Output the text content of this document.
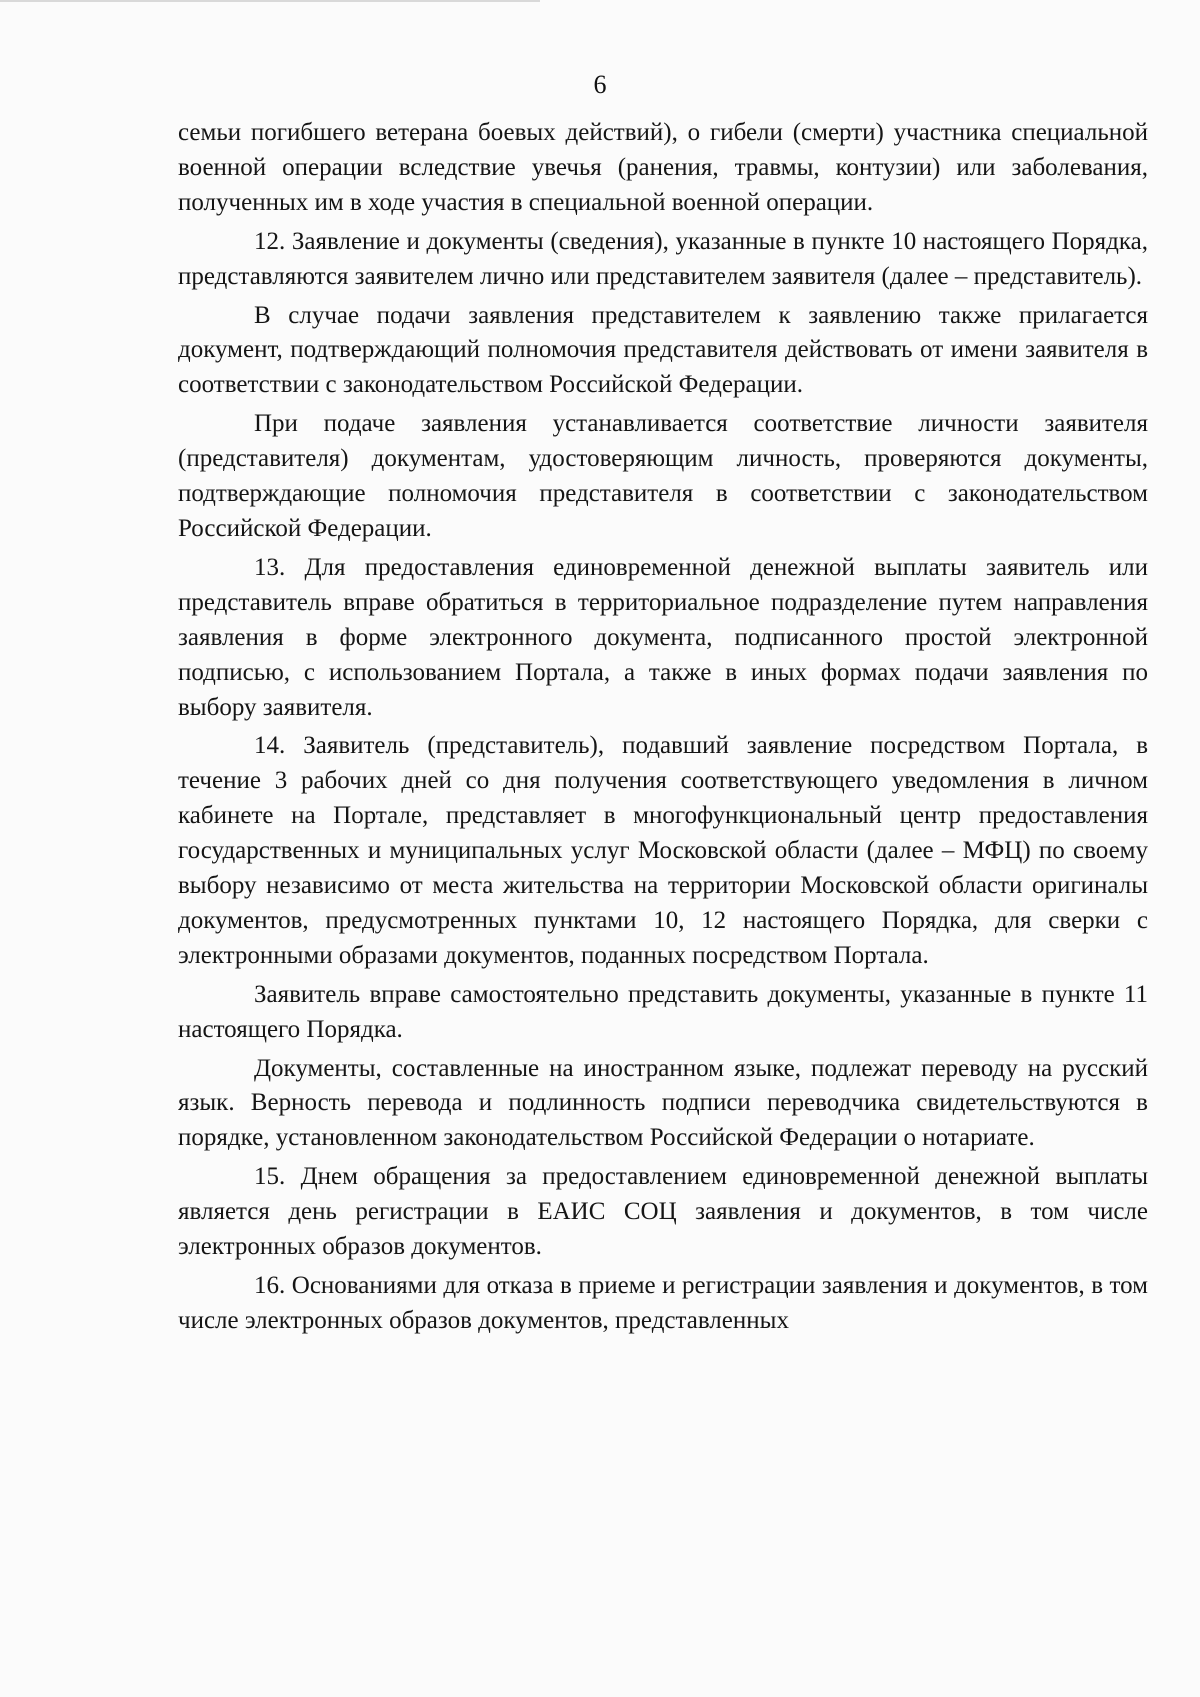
6

семьи погибшего ветерана боевых действий), о гибели (смерти) участника специальной военной операции вследствие увечья (ранения, травмы, контузии) или заболевания, полученных им в ходе участия в специальной военной операции.

12. Заявление и документы (сведения), указанные в пункте 10 настоящего Порядка, представляются заявителем лично или представителем заявителя (далее – представитель).

В случае подачи заявления представителем к заявлению также прилагается документ, подтверждающий полномочия представителя действовать от имени заявителя в соответствии с законодательством Российской Федерации.

При подаче заявления устанавливается соответствие личности заявителя (представителя) документам, удостоверяющим личность, проверяются документы, подтверждающие полномочия представителя в соответствии с законодательством Российской Федерации.

13. Для предоставления единовременной денежной выплаты заявитель или представитель вправе обратиться в территориальное подразделение путем направления заявления в форме электронного документа, подписанного простой электронной подписью, с использованием Портала, а также в иных формах подачи заявления по выбору заявителя.

14. Заявитель (представитель), подавший заявление посредством Портала, в течение 3 рабочих дней со дня получения соответствующего уведомления в личном кабинете на Портале, представляет в многофункциональный центр предоставления государственных и муниципальных услуг Московской области (далее – МФЦ) по своему выбору независимо от места жительства на территории Московской области оригиналы документов, предусмотренных пунктами 10, 12 настоящего Порядка, для сверки с электронными образами документов, поданных посредством Портала.

Заявитель вправе самостоятельно представить документы, указанные в пункте 11 настоящего Порядка.

Документы, составленные на иностранном языке, подлежат переводу на русский язык. Верность перевода и подлинность подписи переводчика свидетельствуются в порядке, установленном законодательством Российской Федерации о нотариате.

15. Днем обращения за предоставлением единовременной денежной выплаты является день регистрации в ЕАИС СОЦ заявления и документов, в том числе электронных образов документов.

16. Основаниями для отказа в приеме и регистрации заявления и документов, в том числе электронных образов документов, представленных
